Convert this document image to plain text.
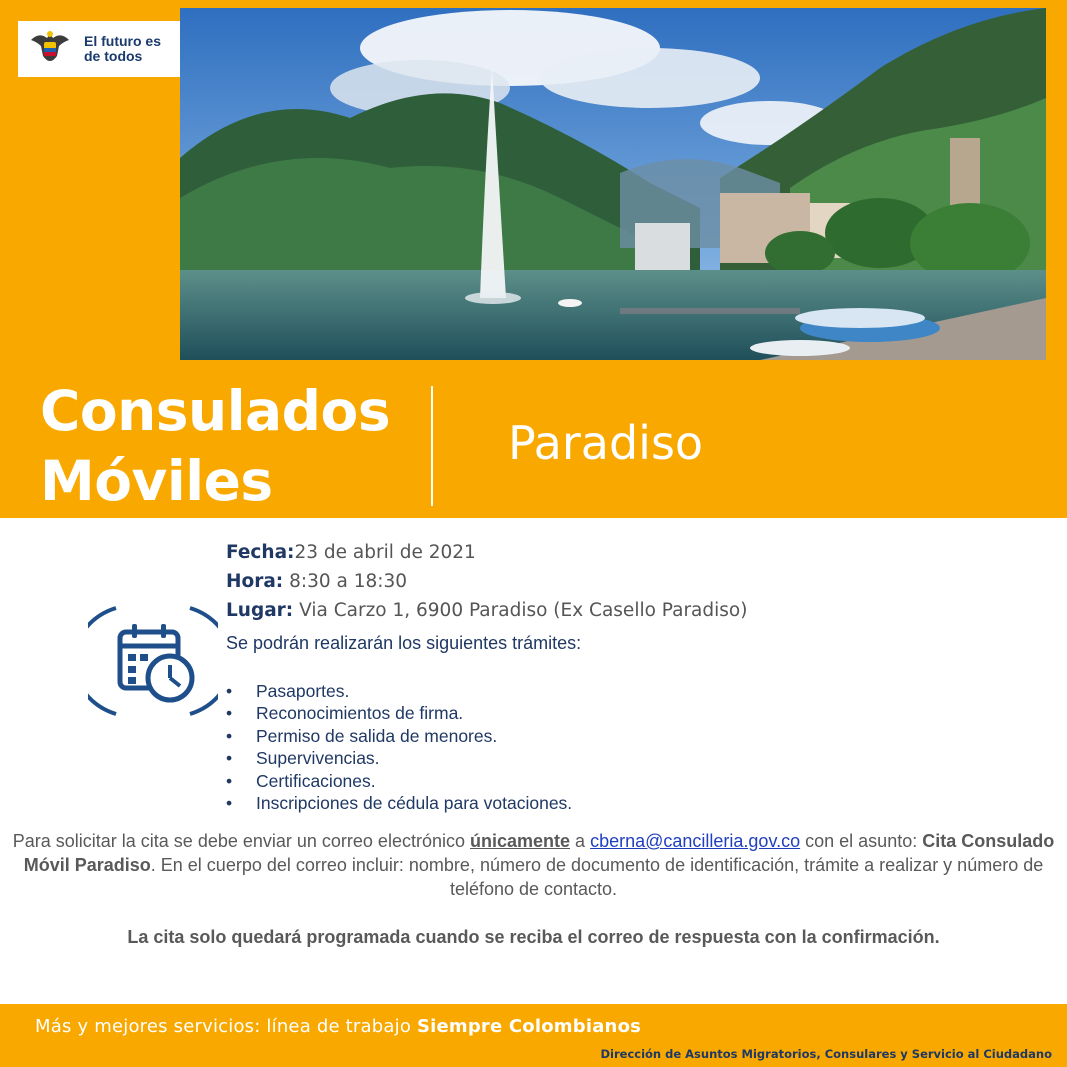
El futuro es de todos
Consulados
Móviles
Paradiso
Fecha:23 de abril de 2021
Hora: 8:30 a 18:30
Lugar: Via Carzo 1, 6900 Paradiso (Ex Casello Paradiso)
Se podrán realizarán los siguientes trámites:
• Pasaportes.
• Reconocimientos de firma.
• Permiso de salida de menores.
• Supervivencias.
• Certificaciones.
• Inscripciones de cédula para votaciones.
Para solicitar la cita se debe enviar un correo electrónico únicamente a cberna@cancilleria.gov.co con el asunto: Cita Consulado Móvil Paradiso. En el cuerpo del correo incluir: nombre, número de documento de identificación, trámite a realizar y número de teléfono de contacto.
La cita solo quedará programada cuando se reciba el correo de respuesta con la confirmación.
Más y mejores servicios: línea de trabajo Siempre Colombianos
Dirección de Asuntos Migratorios, Consulares y Servicio al Ciudadano
